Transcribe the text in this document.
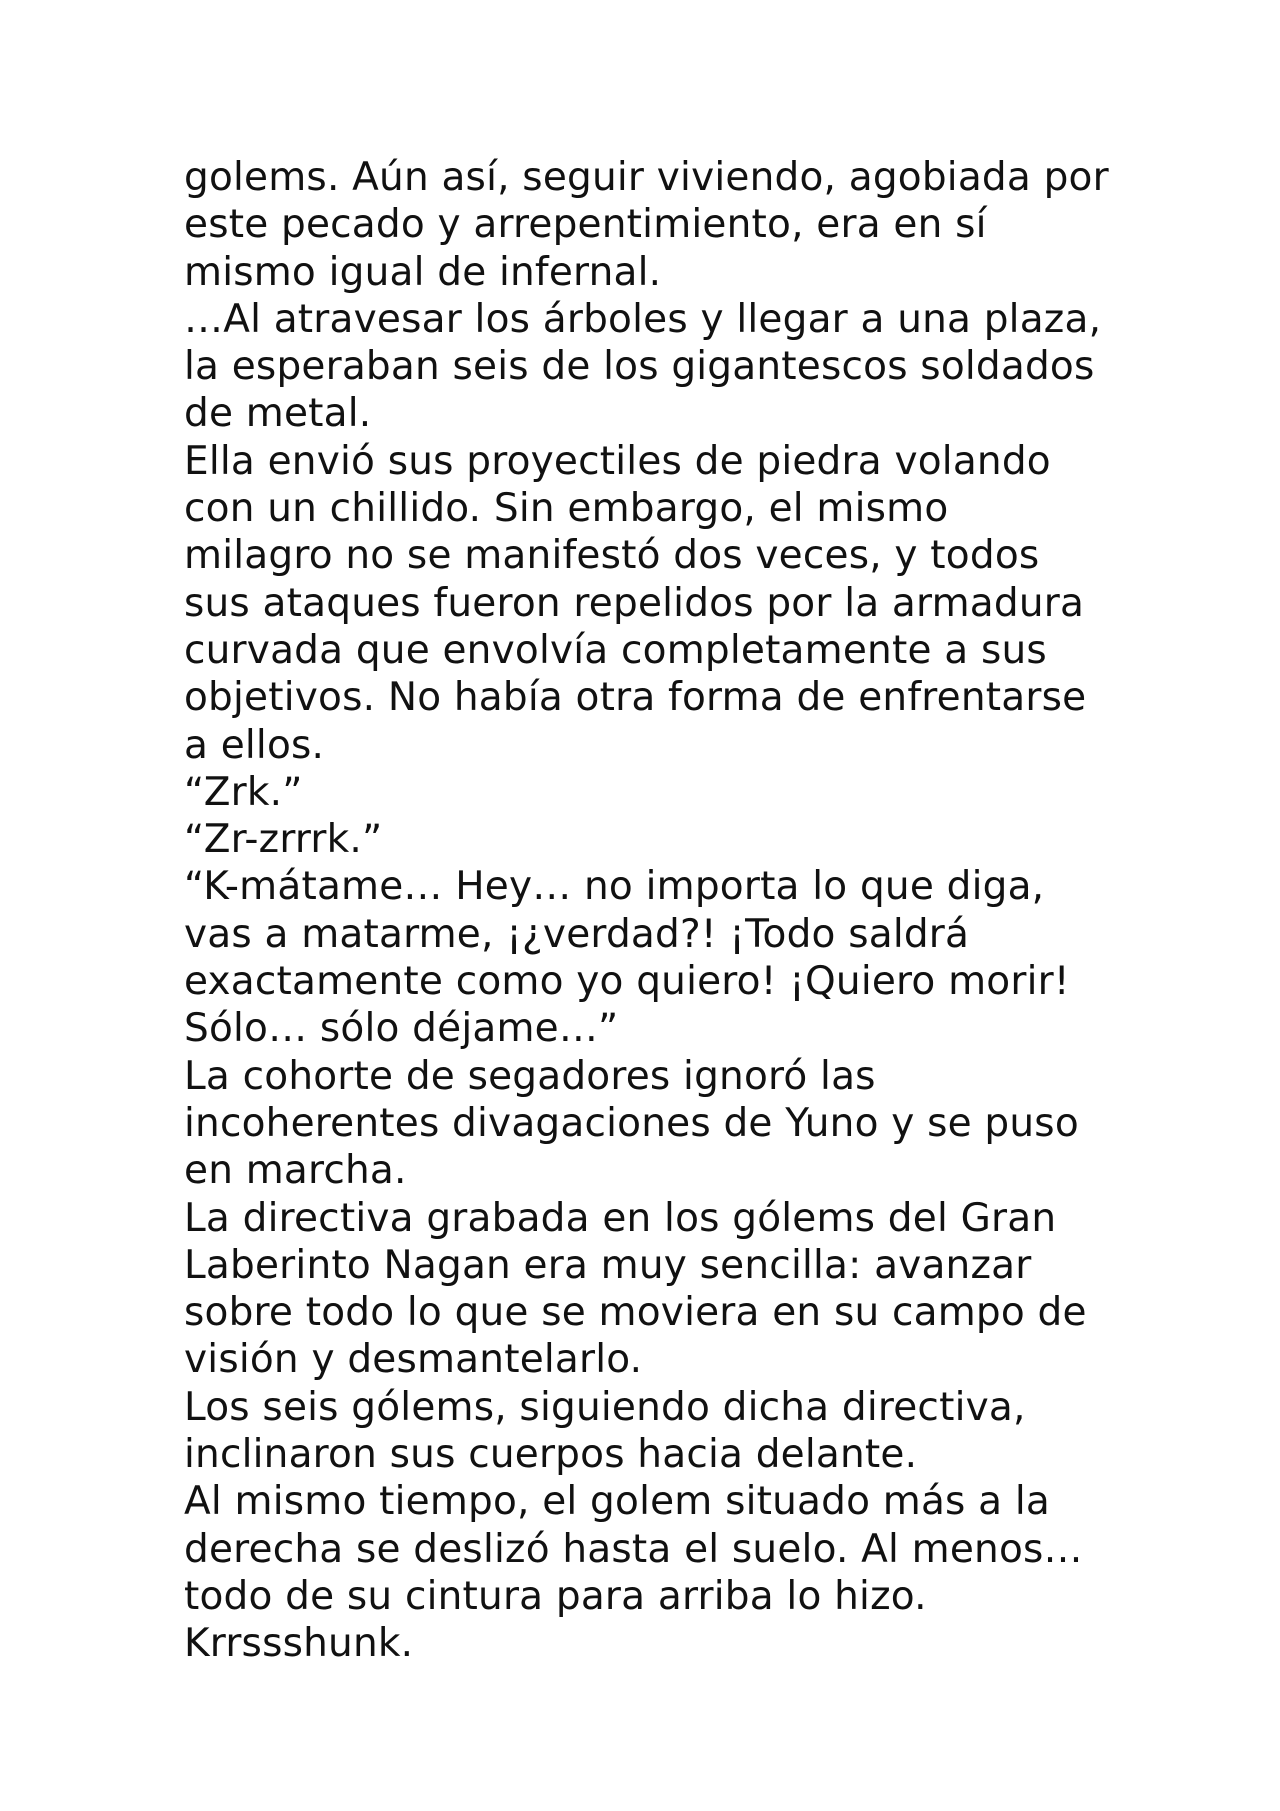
golems. Aún así, seguir viviendo, agobiada por
este pecado y arrepentimiento, era en sí
mismo igual de infernal.
…Al atravesar los árboles y llegar a una plaza,
la esperaban seis de los gigantescos soldados
de metal.
Ella envió sus proyectiles de piedra volando
con un chillido. Sin embargo, el mismo
milagro no se manifestó dos veces, y todos
sus ataques fueron repelidos por la armadura
curvada que envolvía completamente a sus
objetivos. No había otra forma de enfrentarse
a ellos.
“Zrk.”
“Zr-zrrrk.”
“K-mátame… Hey… no importa lo que diga,
vas a matarme, ¡¿verdad?! ¡Todo saldrá
exactamente como yo quiero! ¡Quiero morir!
Sólo… sólo déjame…”
La cohorte de segadores ignoró las
incoherentes divagaciones de Yuno y se puso
en marcha.
La directiva grabada en los gólems del Gran
Laberinto Nagan era muy sencilla: avanzar
sobre todo lo que se moviera en su campo de
visión y desmantelarlo.
Los seis gólems, siguiendo dicha directiva,
inclinaron sus cuerpos hacia delante.
Al mismo tiempo, el golem situado más a la
derecha se deslizó hasta el suelo. Al menos…
todo de su cintura para arriba lo hizo.
Krrssshunk.
